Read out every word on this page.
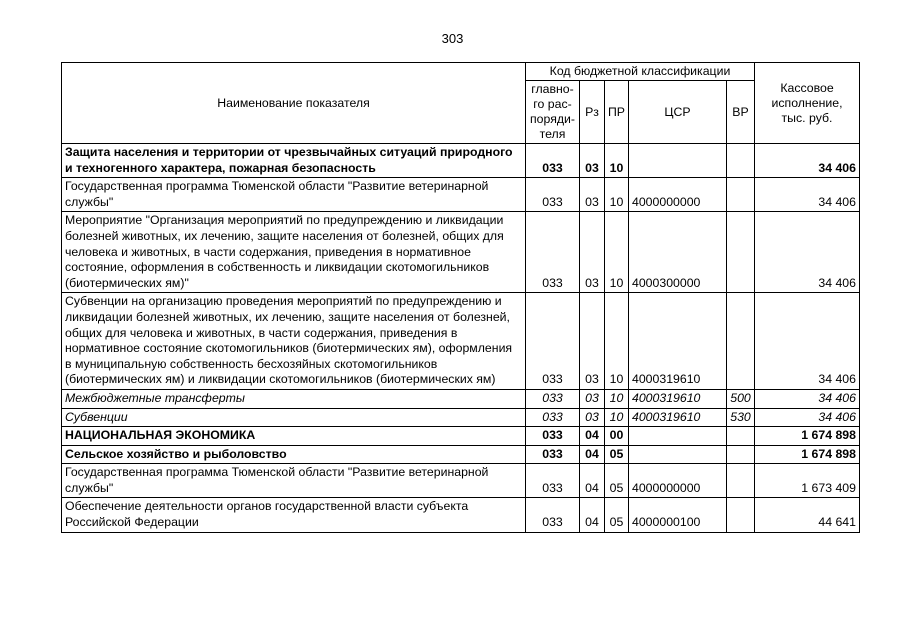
303
Наименование показателя	Код бюджетной классификации					Кассовое исполнение, тыс. руб.
	главно-го рас-поряди-теля	Рз	ПР	ЦСР	ВР	
Защита населения и территории от чрезвычайных ситуаций природного и техногенного характера, пожарная безопасность	033	03	10			34 406
Государственная программа Тюменской области "Развитие ветеринарной службы"	033	03	10	4000000000		34 406
Мероприятие "Организация мероприятий по предупреждению и ликвидации болезней животных, их лечению, защите населения от болезней, общих для человека и животных, в части содержания, приведения в нормативное состояние, оформления в собственность и ликвидации скотомогильников (биотермических ям)"	033	03	10	4000300000		34 406
Субвенции на организацию проведения мероприятий по предупреждению и ликвидации болезней животных, их лечению, защите населения от болезней, общих для человека и животных, в части содержания, приведения в нормативное состояние скотомогильников (биотермических ям), оформления в муниципальную собственность бесхозяйных скотомогильников (биотермических ям) и ликвидации скотомогильников (биотермических ям)	033	03	10	4000319610		34 406
Межбюджетные трансферты	033	03	10	4000319610	500	34 406
Субвенции	033	03	10	4000319610	530	34 406
НАЦИОНАЛЬНАЯ ЭКОНОМИКА	033	04	00			1 674 898
Сельское хозяйство и рыболовство	033	04	05			1 674 898
Государственная программа Тюменской области "Развитие ветеринарной службы"	033	04	05	4000000000		1 673 409
Обеспечение деятельности органов государственной власти субъекта Российской Федерации	033	04	05	4000000100		44 641
